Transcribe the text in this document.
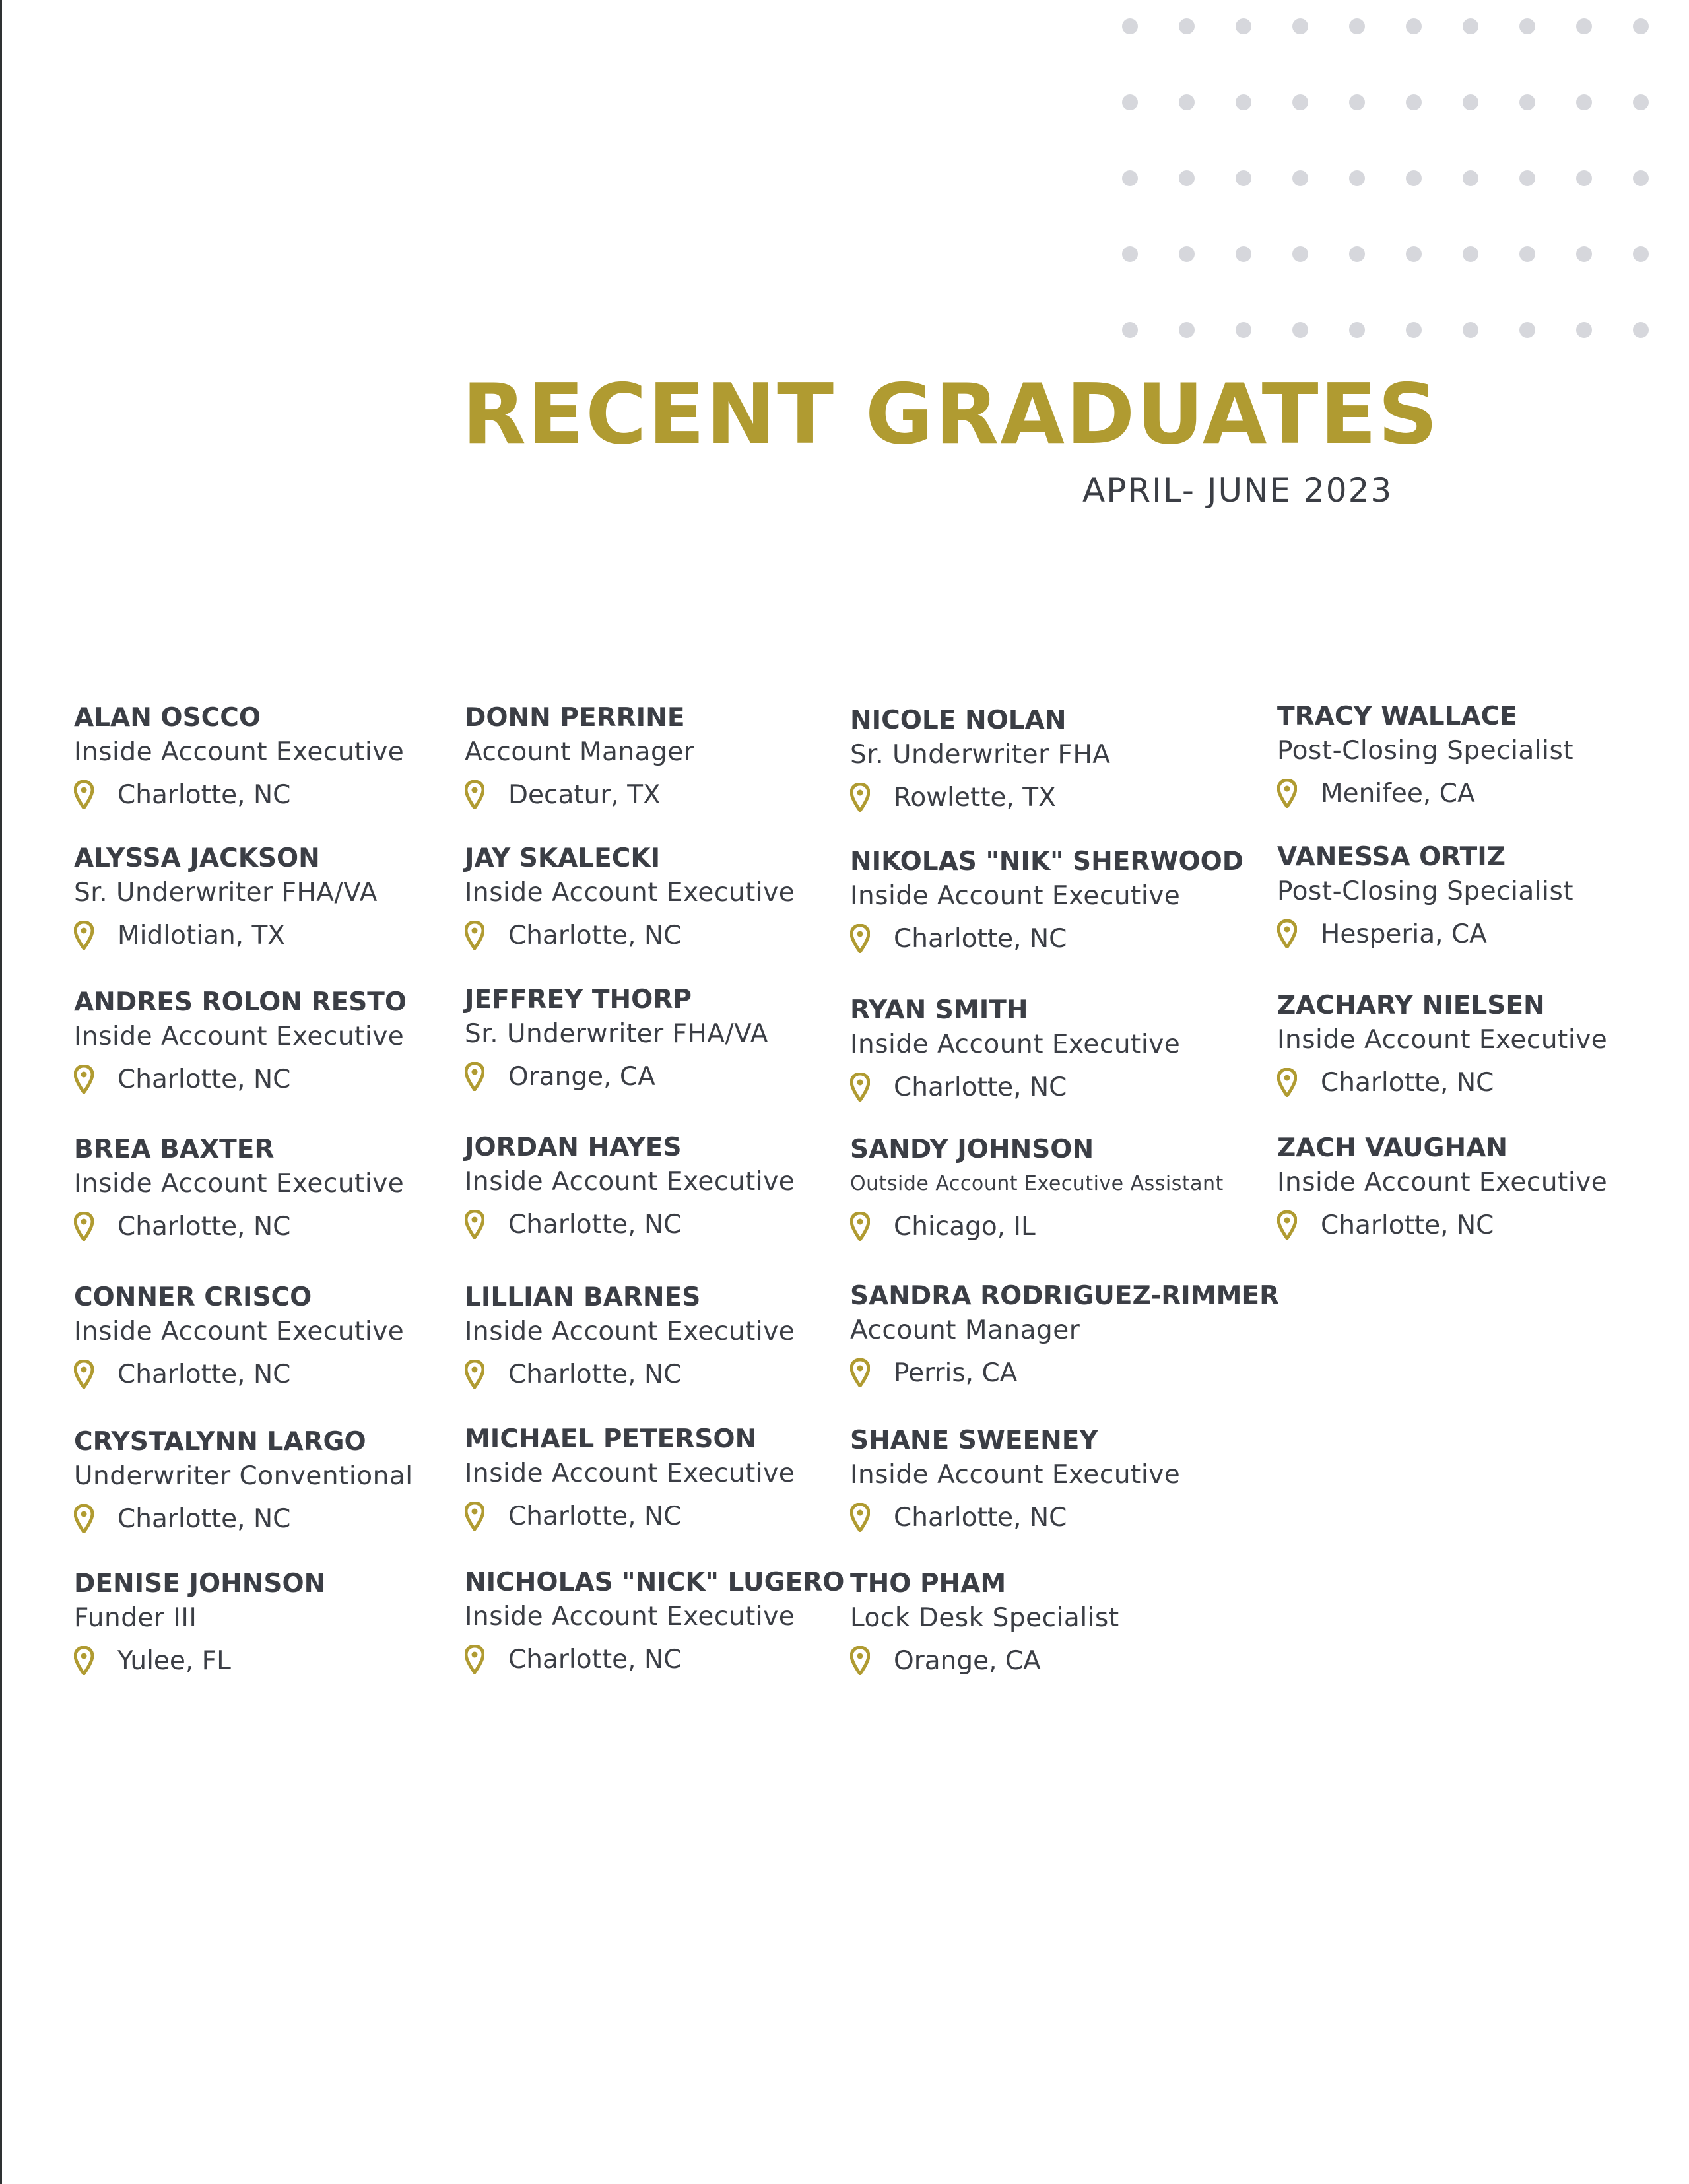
RECENT GRADUATES
APRIL- JUNE 2023
ALAN OSCCO
Inside Account Executive
Charlotte, NC
ALYSSA JACKSON
Sr. Underwriter FHA/VA
Midlotian, TX
ANDRES ROLON RESTO
Inside Account Executive
Charlotte, NC
BREA BAXTER
Inside Account Executive
Charlotte, NC
CONNER CRISCO
Inside Account Executive
Charlotte, NC
CRYSTALYNN LARGO
Underwriter Conventional
Charlotte, NC
DENISE JOHNSON
Funder III
Yulee, FL
DONN PERRINE
Account Manager
Decatur, TX
JAY SKALECKI
Inside Account Executive
Charlotte, NC
JEFFREY THORP
Sr. Underwriter FHA/VA
Orange, CA
JORDAN HAYES
Inside Account Executive
Charlotte, NC
LILLIAN BARNES
Inside Account Executive
Charlotte, NC
MICHAEL PETERSON
Inside Account Executive
Charlotte, NC
NICHOLAS "NICK" LUGERO
Inside Account Executive
Charlotte, NC
NICOLE NOLAN
Sr. Underwriter FHA
Rowlette, TX
NIKOLAS "NIK" SHERWOOD
Inside Account Executive
Charlotte, NC
RYAN SMITH
Inside Account Executive
Charlotte, NC
SANDY JOHNSON
Outside Account Executive Assistant
Chicago, IL
SANDRA RODRIGUEZ-RIMMER
Account Manager
Perris, CA
SHANE SWEENEY
Inside Account Executive
Charlotte, NC
THO PHAM
Lock Desk Specialist
Orange, CA
TRACY WALLACE
Post-Closing Specialist
Menifee, CA
VANESSA ORTIZ
Post-Closing Specialist
Hesperia, CA
ZACHARY NIELSEN
Inside Account Executive
Charlotte, NC
ZACH VAUGHAN
Inside Account Executive
Charlotte, NC
